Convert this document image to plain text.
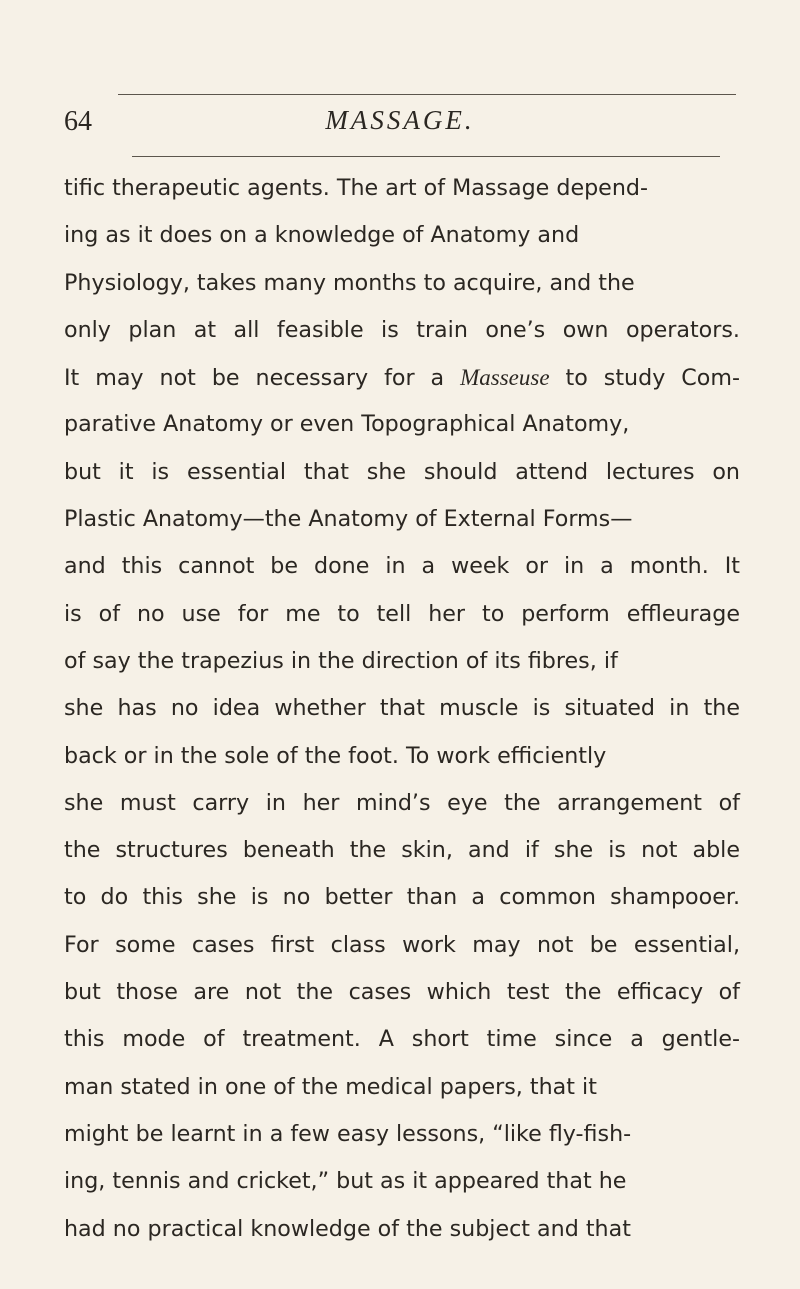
64	MASSAGE.
tific therapeutic agents. The art of Massage depend-
ing as it does on a knowledge of Anatomy and
Physiology, takes many months to acquire, and the
only plan at all feasible is train one’s own operators.
It may not be necessary for a Masseuse to study Com-
parative Anatomy or even Topographical Anatomy,
but it is essential that she should attend lectures on
Plastic Anatomy—the Anatomy of External Forms—
and this cannot be done in a week or in a month. It
is of no use for me to tell her to perform effleurage
of say the trapezius in the direction of its fibres, if
she has no idea whether that muscle is situated in the
back or in the sole of the foot. To work efficiently
she must carry in her mind’s eye the arrangement of
the structures beneath the skin, and if she is not able
to do this she is no better than a common shampooer.
For some cases first class work may not be essential,
but those are not the cases which test the efficacy of
this mode of treatment. A short time since a gentle-
man stated in one of the medical papers, that it
might be learnt in a few easy lessons, “like fly-fish-
ing, tennis and cricket,” but as it appeared that he
had no practical knowledge of the subject and that
